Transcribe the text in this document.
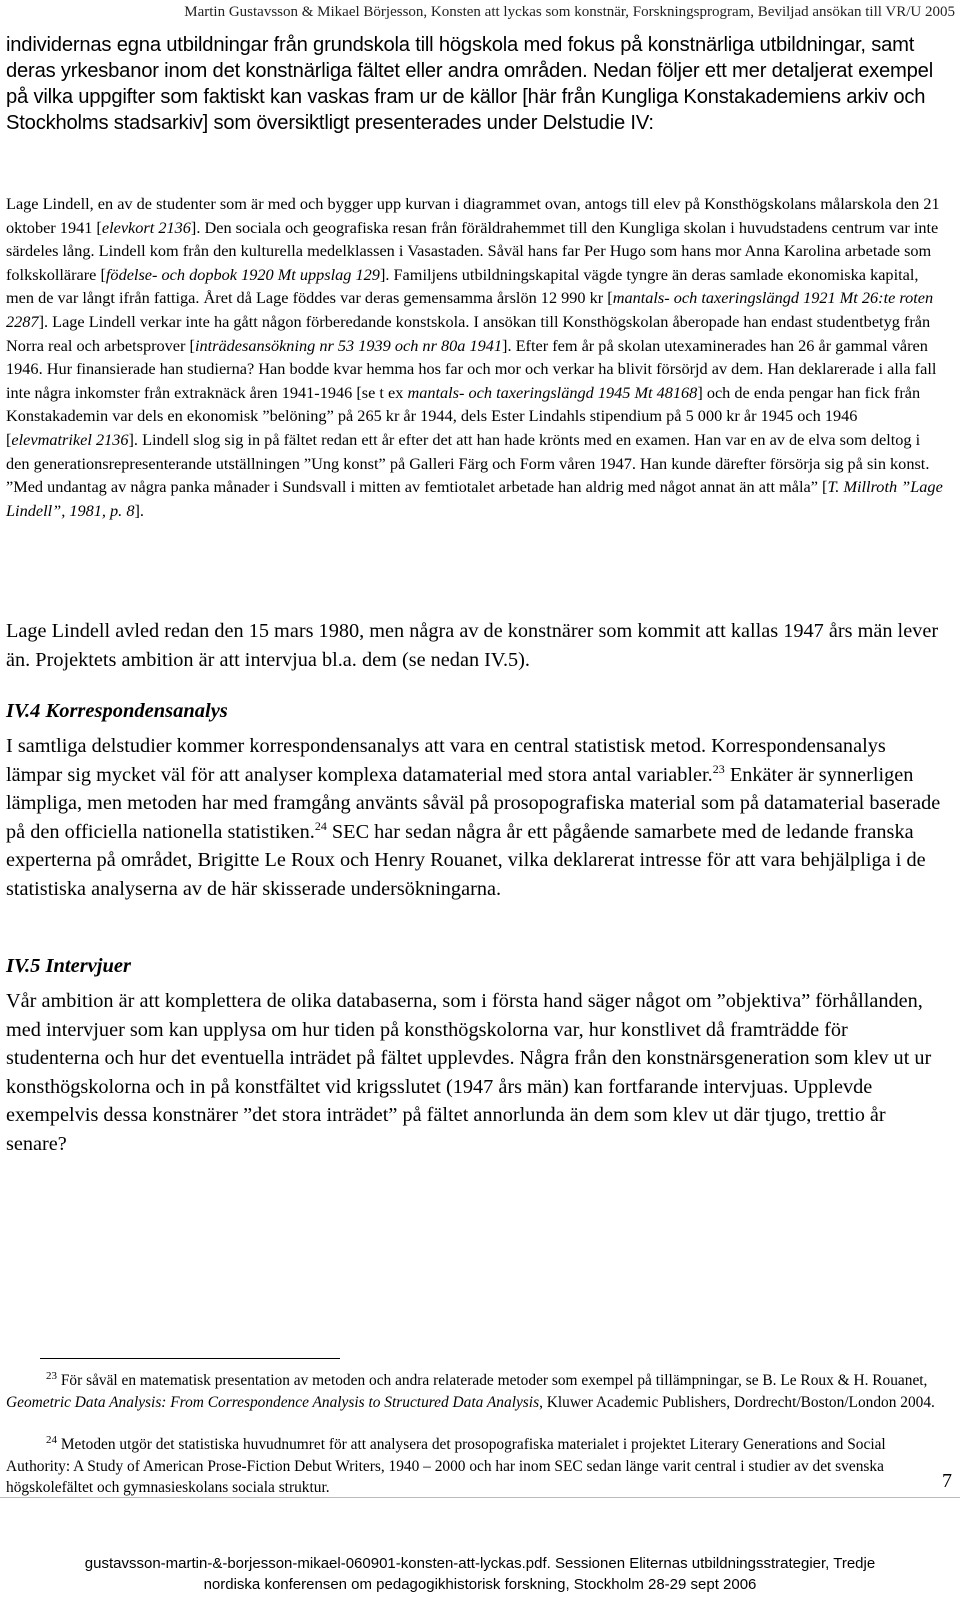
Martin Gustavsson & Mikael Börjesson, Konsten att lyckas som konstnär, Forskningsprogram, Beviljad ansökan till VR/U 2005
individernas egna utbildningar från grundskola till högskola med fokus på konstnärliga utbildningar, samt deras yrkesbanor inom det konstnärliga fältet eller andra områden. Nedan följer ett mer detaljerat exempel på vilka uppgifter som faktiskt kan vaskas fram ur de källor [här från Kungliga Konstakademiens arkiv och Stockholms stadsarkiv] som översiktligt presenterades under Delstudie IV:
Lage Lindell, en av de studenter som är med och bygger upp kurvan i diagrammet ovan, antogs till elev på Konsthögskolans målarskola den 21 oktober 1941 [elevkort 2136]. Den sociala och geografiska resan från föräldrahemmet till den Kungliga skolan i huvudstadens centrum var inte särdeles lång. Lindell kom från den kulturella medelklassen i Vasastaden. Såväl hans far Per Hugo som hans mor Anna Karolina arbetade som folkskollärare [födelse- och dopbok 1920 Mt uppslag 129]. Familjens utbildningskapital vägde tyngre än deras samlade ekonomiska kapital, men de var långt ifrån fattiga. Året då Lage föddes var deras gemensamma årslön 12 990 kr [mantals- och taxeringslängd 1921 Mt 26:te roten 2287]. Lage Lindell verkar inte ha gått någon förberedande konstskola. I ansökan till Konsthögskolan åberopade han endast studentbetyg från Norra real och arbetsprover [inträdesansökning nr 53 1939 och nr 80a 1941]. Efter fem år på skolan utexaminerades han 26 år gammal våren 1946. Hur finansierade han studierna? Han bodde kvar hemma hos far och mor och verkar ha blivit försörjd av dem. Han deklarerade i alla fall inte några inkomster från extraknäck åren 1941-1946 [se t ex mantals- och taxeringslängd 1945 Mt 48168] och de enda pengar han fick från Konstakademin var dels en ekonomisk ”belöning” på 265 kr år 1944, dels Ester Lindahls stipendium på 5 000 kr år 1945 och 1946 [elevmatrikel 2136]. Lindell slog sig in på fältet redan ett år efter det att han hade krönts med en examen. Han var en av de elva som deltog i den generationsrepresenterande utställningen ”Ung konst” på Galleri Färg och Form våren 1947. Han kunde därefter försörja sig på sin konst. ”Med undantag av några panka månader i Sundsvall i mitten av femtiotalet arbetade han aldrig med något annat än att måla” [T. Millroth ”Lage Lindell”, 1981, p. 8].
Lage Lindell avled redan den 15 mars 1980, men några av de konstnärer som kommit att kallas 1947 års män lever än. Projektets ambition är att intervjua bl.a. dem (se nedan IV.5).
IV.4 Korrespondensanalys
I samtliga delstudier kommer korrespondensanalys att vara en central statistisk metod. Korrespondensanalys lämpar sig mycket väl för att analyser komplexa datamaterial med stora antal variabler.$^{23}$ Enkäter är synnerligen lämpliga, men metoden har med framgång använts såväl på prosopografiska material som på datamaterial baserade på den officiella nationella statistiken.$^{24}$ SEC har sedan några år ett pågående samarbete med de ledande franska experterna på området, Brigitte Le Roux och Henry Rouanet, vilka deklarerat intresse för att vara behjälpliga i de statistiska analyserna av de här skisserade undersökningarna.
IV.5 Intervjuer
Vår ambition är att komplettera de olika databaserna, som i första hand säger något om ”objektiva” förhållanden, med intervjuer som kan upplysa om hur tiden på konsthögskolorna var, hur konstlivet då framträdde för studenterna och hur det eventuella inträdet på fältet upplevdes. Några från den konstnärsgeneration som klev ut ur konsthögskolorna och in på konstfältet vid krigsslutet (1947 års män) kan fortfarande intervjuas. Upplevde exempelvis dessa konstnärer ”det stora inträdet” på fältet annorlunda än dem som klev ut där tjugo, trettio år senare?
$^{23}$ För såväl en matematisk presentation av metoden och andra relaterade metoder som exempel på tillämpningar, se B. Le Roux & H. Rouanet, Geometric Data Analysis: From Correspondence Analysis to Structured Data Analysis, Kluwer Academic Publishers, Dordrecht/Boston/London 2004.
$^{24}$ Metoden utgör det statistiska huvudnumret för att analysera det prosopografiska materialet i projektet Literary Generations and Social Authority: A Study of American Prose-Fiction Debut Writers, 1940 – 2000 och har inom SEC sedan länge varit central i studier av det svenska högskolefältet och gymnasieskolans sociala struktur.	7
gustavsson-martin-&-borjesson-mikael-060901-konsten-att-lyckas.pdf. Sessionen Eliternas utbildningsstrategier, Tredje
nordiska konferensen om pedagogikhistorisk forskning, Stockholm 28-29 sept 2006
